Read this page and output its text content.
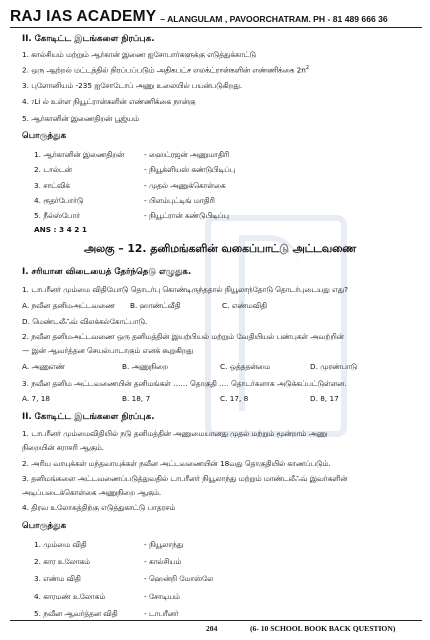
RAJ IAS ACADEMY – ALANGULAM , PAVOORCHATRAM. PH - 81 489 666 36

II. கோடிட்ட இடங்களை நிரப்புக.

1. கால்சியம் மற்றும் ஆர்கான் இணை ஐசோபார்களுக்கு எடுத்துக்காட்டு

2. ஒரு ஆற்றல் மட்டத்தில் நிரப்பப்படும் அதிகபட்ச எலக்ட்ரான்களின் எண்ணிக்கை $2n^2$

3. புளோனியம் -235 ஐசோடோப் அணு உலையில் பயன்படுகிறது.

4. ₇Li ல் உள்ள நியூட்ரான்களின் எண்ணிக்கை நான்கு

5. ஆர்கானின் இணைதிறன் பூஜ்யம்

பொருத்துக

1. ஆர்கானின் இணைதிறன்	- ஹைட்ரஜன் அணுமாதிரி
2. டால்டன்	- நியூக்ளியஸ் கண்டுபிடிப்பு
3. சாட்விக்	- முதல் அணுக்கொள்கை
4. ரூதர்போர்டு	- பிளம்புட்டிங் மாதிரி
5. நீல்ஸ்போர்	- நியூட்ரான் கண்டுபிடிப்பு

ANS : 3 4 2 1

அலகு – 12. தனிமங்களின் வகைப்பாட்டு அட்டவணை

I. சரியான விடையைத் தேர்ந்தெடு எழுதுக.

1. டாபரீனர் மும்மை விதியோடு தொடர்பு கொண்டிருந்ததால் நியூலாந்தோடு தொடர்புடையது எது?

A. நவீன தனிமஅட்டவணை	B. ஹாண்ட்வீதி	C. எண்மவிதி

D. மெண்டலீஃவ் விலக்கல்கோட்பாடு.

2. நவீன தனிமஅட்டவணை ஒரு தனிமத்தின் இயற்பியல் மற்றும் வேதியியல் பண்புகள் அவற்றின்

— இன் ஆவர்த்தன செயல்பாடாகும் எனக் கூறுகிறது

A. அணுஎண்	B. அணுநிறை	C. ஒத்ததன்மை	D. முரண்பாடு

3. நவீன தனிம அட்டவணையின் தனிமங்கள் …… தொகுதி …. தொடர்களாக அடுக்கப்பட்டுள்ளன.

A. 7, 18	B. 18, 7	C. 17, 8	D. 8, 17

II. கோடிட்ட இடங்களை நிரப்புக.

1. டாபரீனர் மும்மைவிதியில் நடு தனிமத்தின் அணுமையானது முதல் மற்றும் மூன்றாம் அணு

நிறையின் சராசரி ஆகும்.

2. அரிய வாயுக்கள் மந்தவாயுக்கள் நவீன அட்டவணையின் 18வது தொகுதியில் காணப்படும்.

3. தனிமங்களை அட்டவணைப்படுத்துவதில் டாபரீனர் நியூலாந்து மற்றும் மாண்டலீஃவ் இவர்களின்

அடிப்படைக்கொள்கை அணுநிறை ஆகும்.

4. திரவ உலோகத்திற்கு எடுத்துகாட்டு பாதரசம்

பொருத்துக

1. மும்மை விதி	- நியூலாந்து
2. கார உலோகம்	- கால்சியம்
3. எண்ம விதி	- ஹென்றி மோஸ்லே
4. காரமண் உலோகம்	- சோடியம்
5. நவீன ஆவர்த்தன விதி	- டாபரீனர்
204	(6- 10 SCHOOL BOOK BACK QUESTION)
